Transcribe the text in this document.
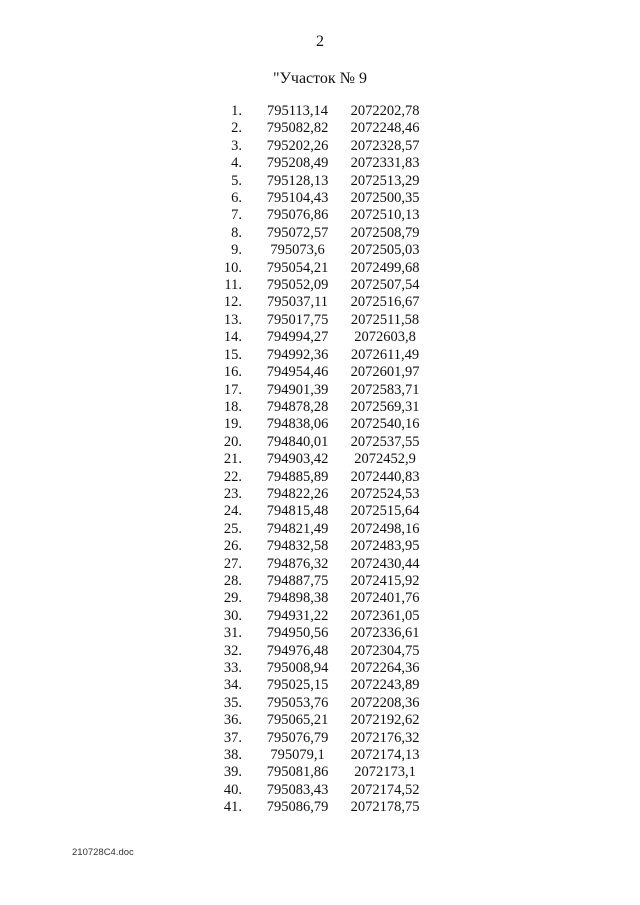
2
"Участок № 9
1.	795113,14	2072202,78
2.	795082,82	2072248,46
3.	795202,26	2072328,57
4.	795208,49	2072331,83
5.	795128,13	2072513,29
6.	795104,43	2072500,35
7.	795076,86	2072510,13
8.	795072,57	2072508,79
9.	795073,6	2072505,03
10.	795054,21	2072499,68
11.	795052,09	2072507,54
12.	795037,11	2072516,67
13.	795017,75	2072511,58
14.	794994,27	2072603,8
15.	794992,36	2072611,49
16.	794954,46	2072601,97
17.	794901,39	2072583,71
18.	794878,28	2072569,31
19.	794838,06	2072540,16
20.	794840,01	2072537,55
21.	794903,42	2072452,9
22.	794885,89	2072440,83
23.	794822,26	2072524,53
24.	794815,48	2072515,64
25.	794821,49	2072498,16
26.	794832,58	2072483,95
27.	794876,32	2072430,44
28.	794887,75	2072415,92
29.	794898,38	2072401,76
30.	794931,22	2072361,05
31.	794950,56	2072336,61
32.	794976,48	2072304,75
33.	795008,94	2072264,36
34.	795025,15	2072243,89
35.	795053,76	2072208,36
36.	795065,21	2072192,62
37.	795076,79	2072176,32
38.	795079,1	2072174,13
39.	795081,86	2072173,1
40.	795083,43	2072174,52
41.	795086,79	2072178,75
210728C4.doc
